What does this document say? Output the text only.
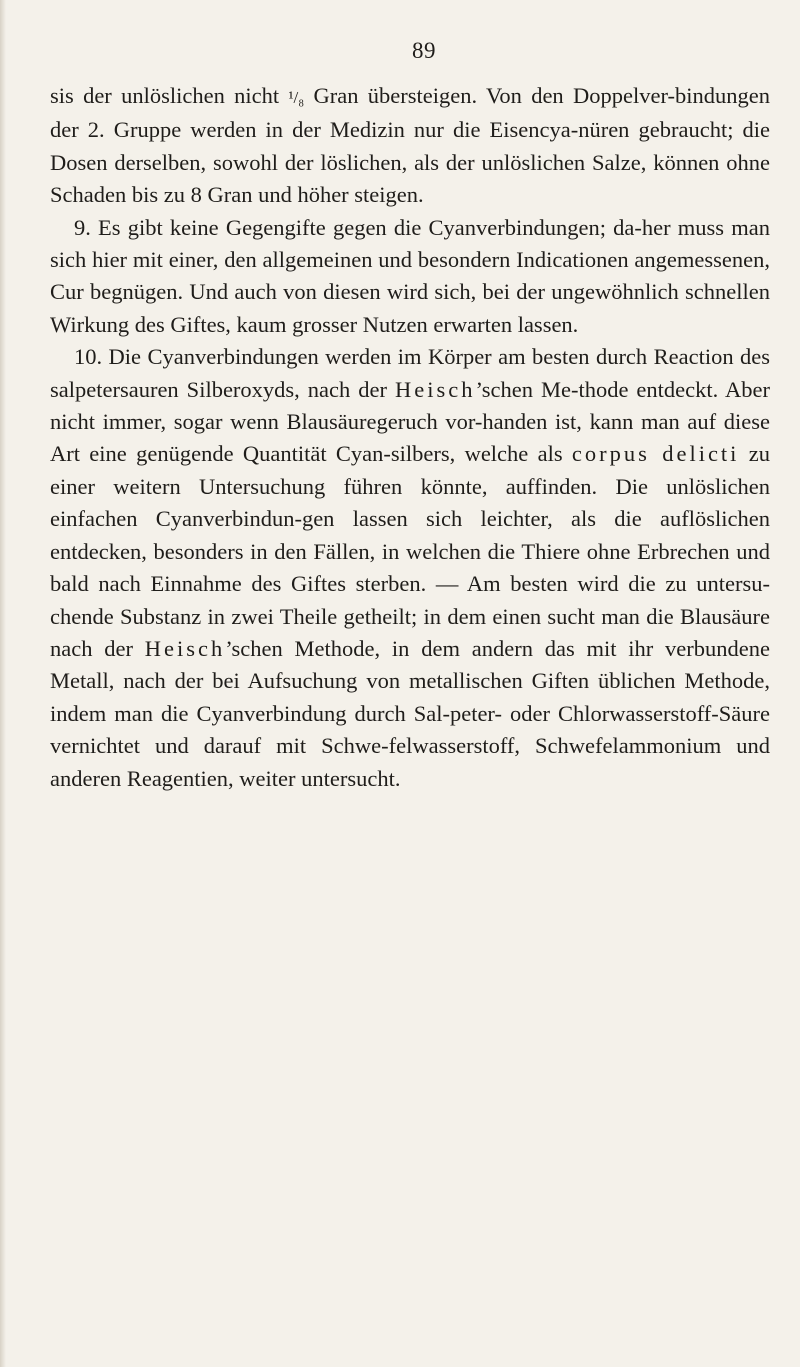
89

sis der unlöslichen nicht ¹/₈ Gran übersteigen. Von den Doppelver-bindungen der 2. Gruppe werden in der Medizin nur die Eisencya-nüren gebraucht; die Dosen derselben, sowohl der löslichen, als der unlöslichen Salze, können ohne Schaden bis zu 8 Gran und höher steigen.

9. Es gibt keine Gegengifte gegen die Cyanverbindungen; da-her muss man sich hier mit einer, den allgemeinen und besondern Indicationen angemessenen, Cur begnügen. Und auch von diesen wird sich, bei der ungewöhnlich schnellen Wirkung des Giftes, kaum grosser Nutzen erwarten lassen.

10. Die Cyanverbindungen werden im Körper am besten durch Reaction des salpetersauren Silberoxyds, nach der Heisch’schen Me-thode entdeckt. Aber nicht immer, sogar wenn Blausäuregeruch vor-handen ist, kann man auf diese Art eine genügende Quantität Cyan-silbers, welche als corpus delicti zu einer weitern Untersuchung führen könnte, auffinden. Die unlöslichen einfachen Cyanverbindun-gen lassen sich leichter, als die auflöslichen entdecken, besonders in den Fällen, in welchen die Thiere ohne Erbrechen und bald nach Einnahme des Giftes sterben. — Am besten wird die zu untersu-chende Substanz in zwei Theile getheilt; in dem einen sucht man die Blausäure nach der Heisch’schen Methode, in dem andern das mit ihr verbundene Metall, nach der bei Aufsuchung von metallischen Giften üblichen Methode, indem man die Cyanverbindung durch Sal-peter- oder Chlorwasserstoff-Säure vernichtet und darauf mit Schwe-felwasserstoff, Schwefelammonium und anderen Reagentien, weiter untersucht.
